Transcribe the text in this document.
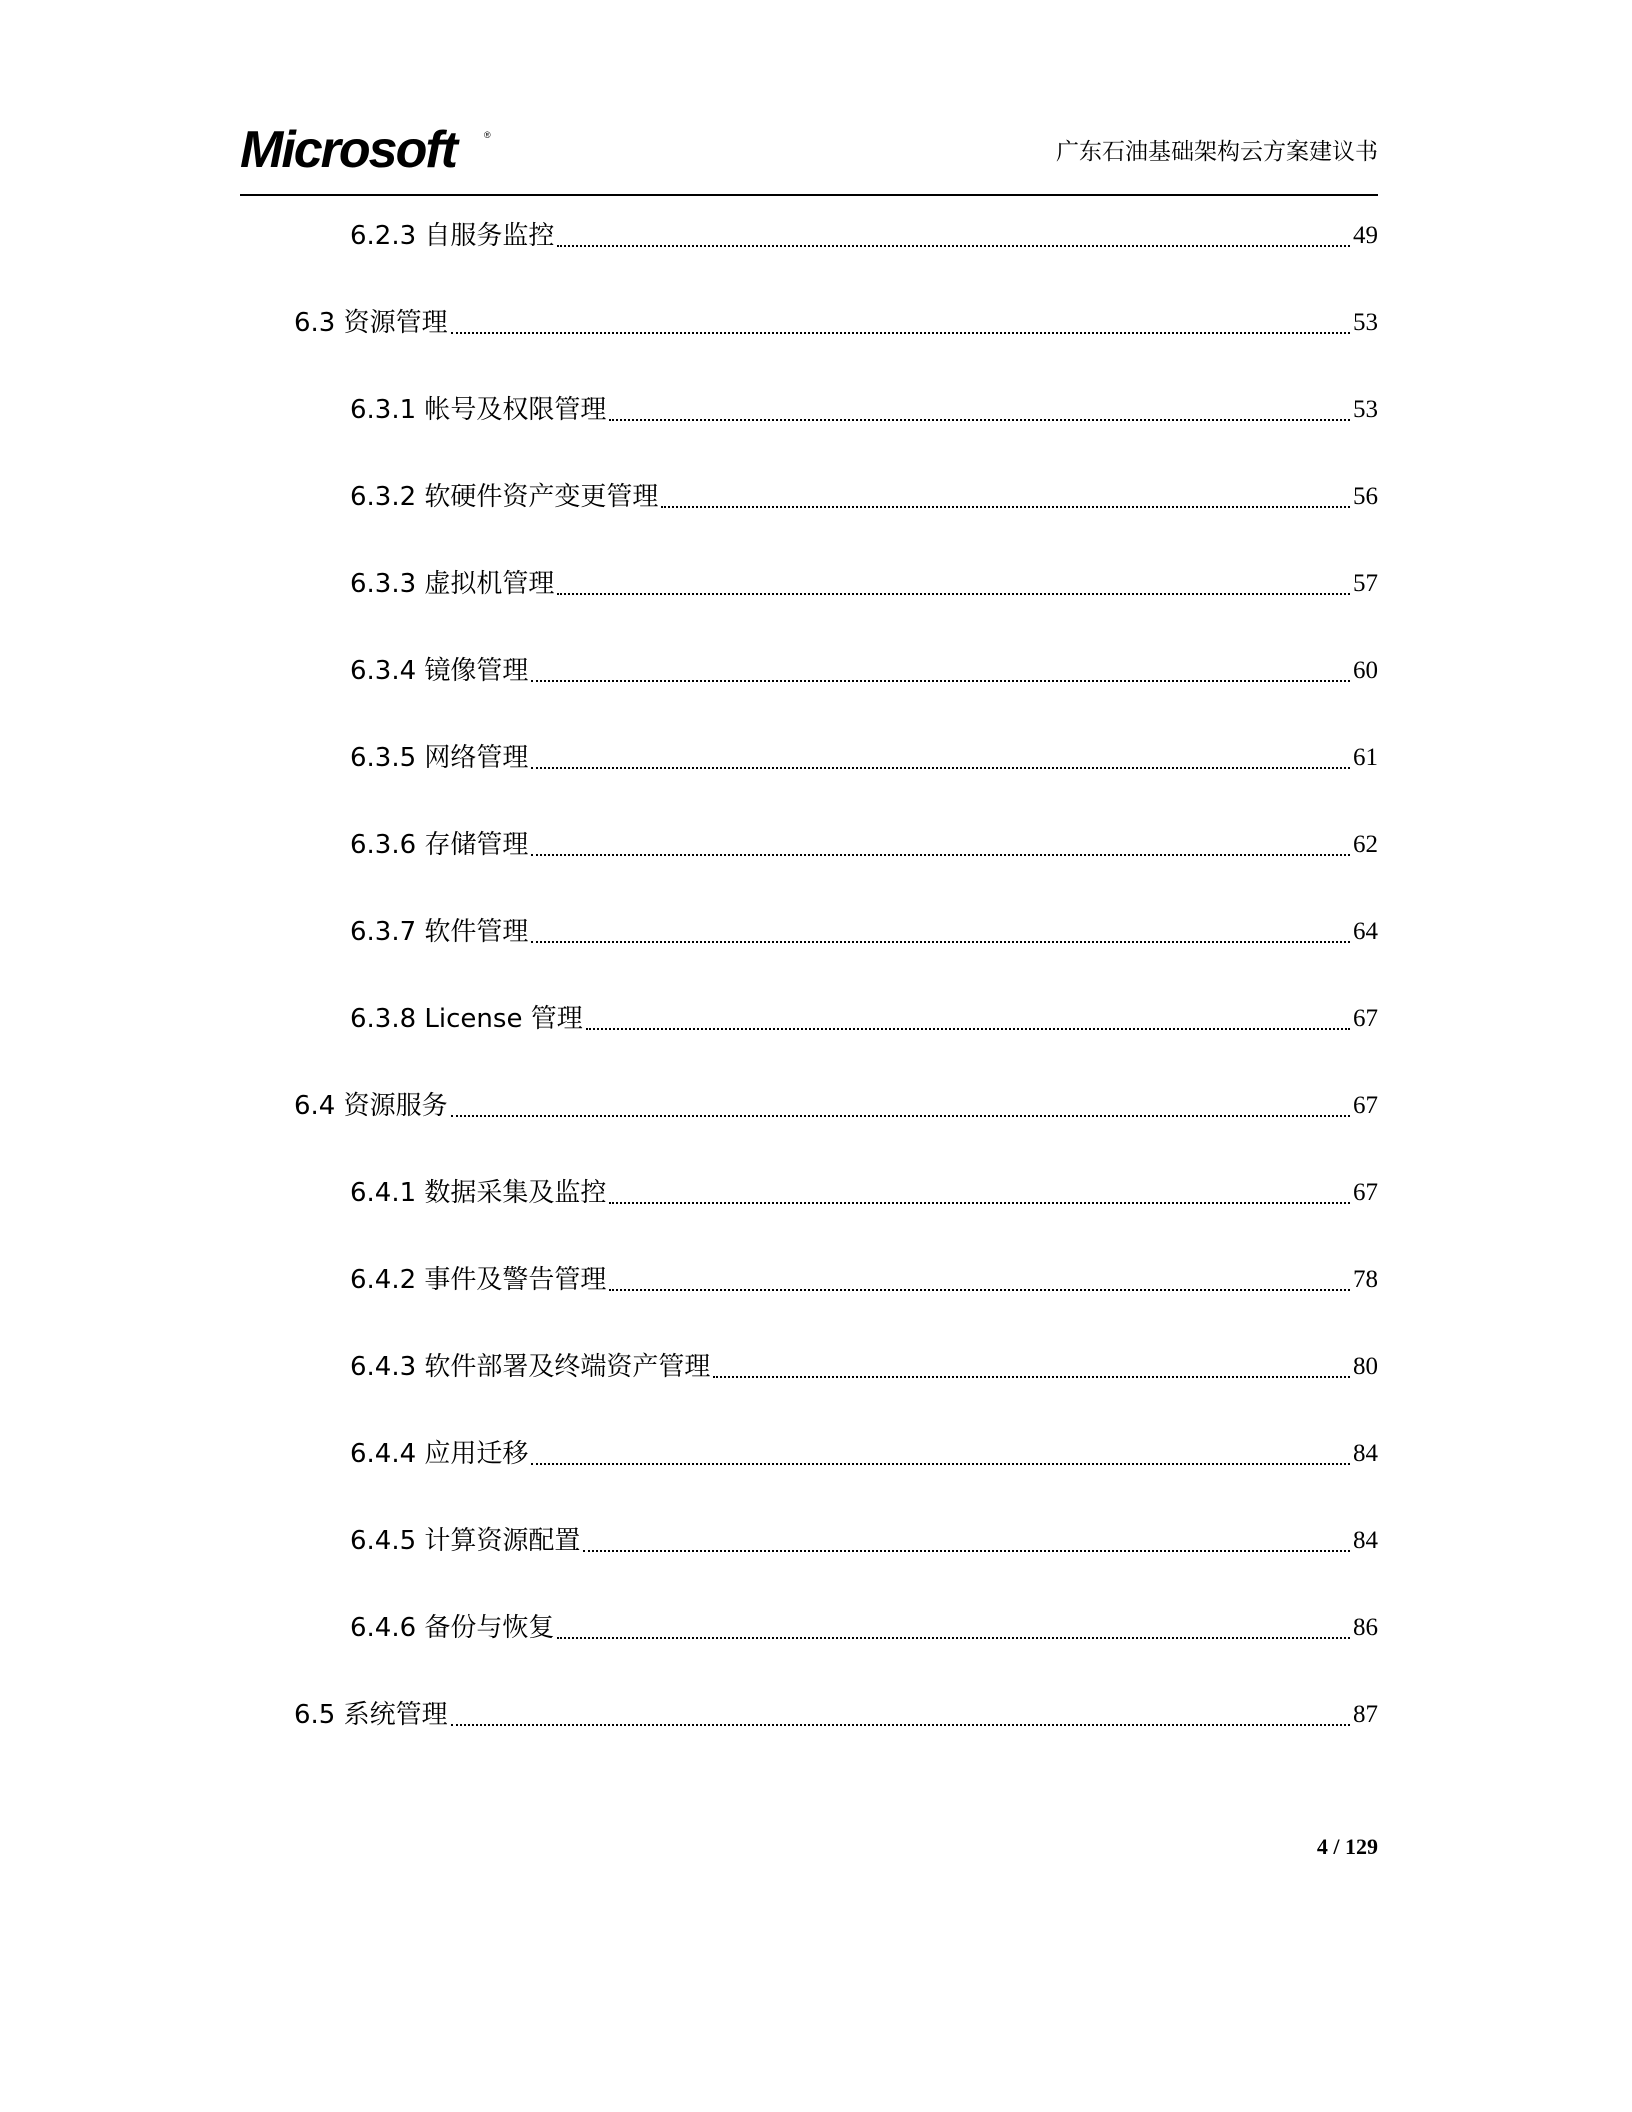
Microsoft	®
广东石油基础架构云方案建议书
6.2.3 自服务监控	49
6.3 资源管理	53
6.3.1 帐号及权限管理	53
6.3.2 软硬件资产变更管理	56
6.3.3 虚拟机管理	57
6.3.4 镜像管理	60
6.3.5 网络管理	61
6.3.6 存储管理	62
6.3.7 软件管理	64
6.3.8 License 管理	67
6.4 资源服务	67
6.4.1 数据采集及监控	67
6.4.2 事件及警告管理	78
6.4.3 软件部署及终端资产管理	80
6.4.4 应用迁移	84
6.4.5 计算资源配置	84
6.4.6 备份与恢复	86
6.5 系统管理	87
4 / 129
